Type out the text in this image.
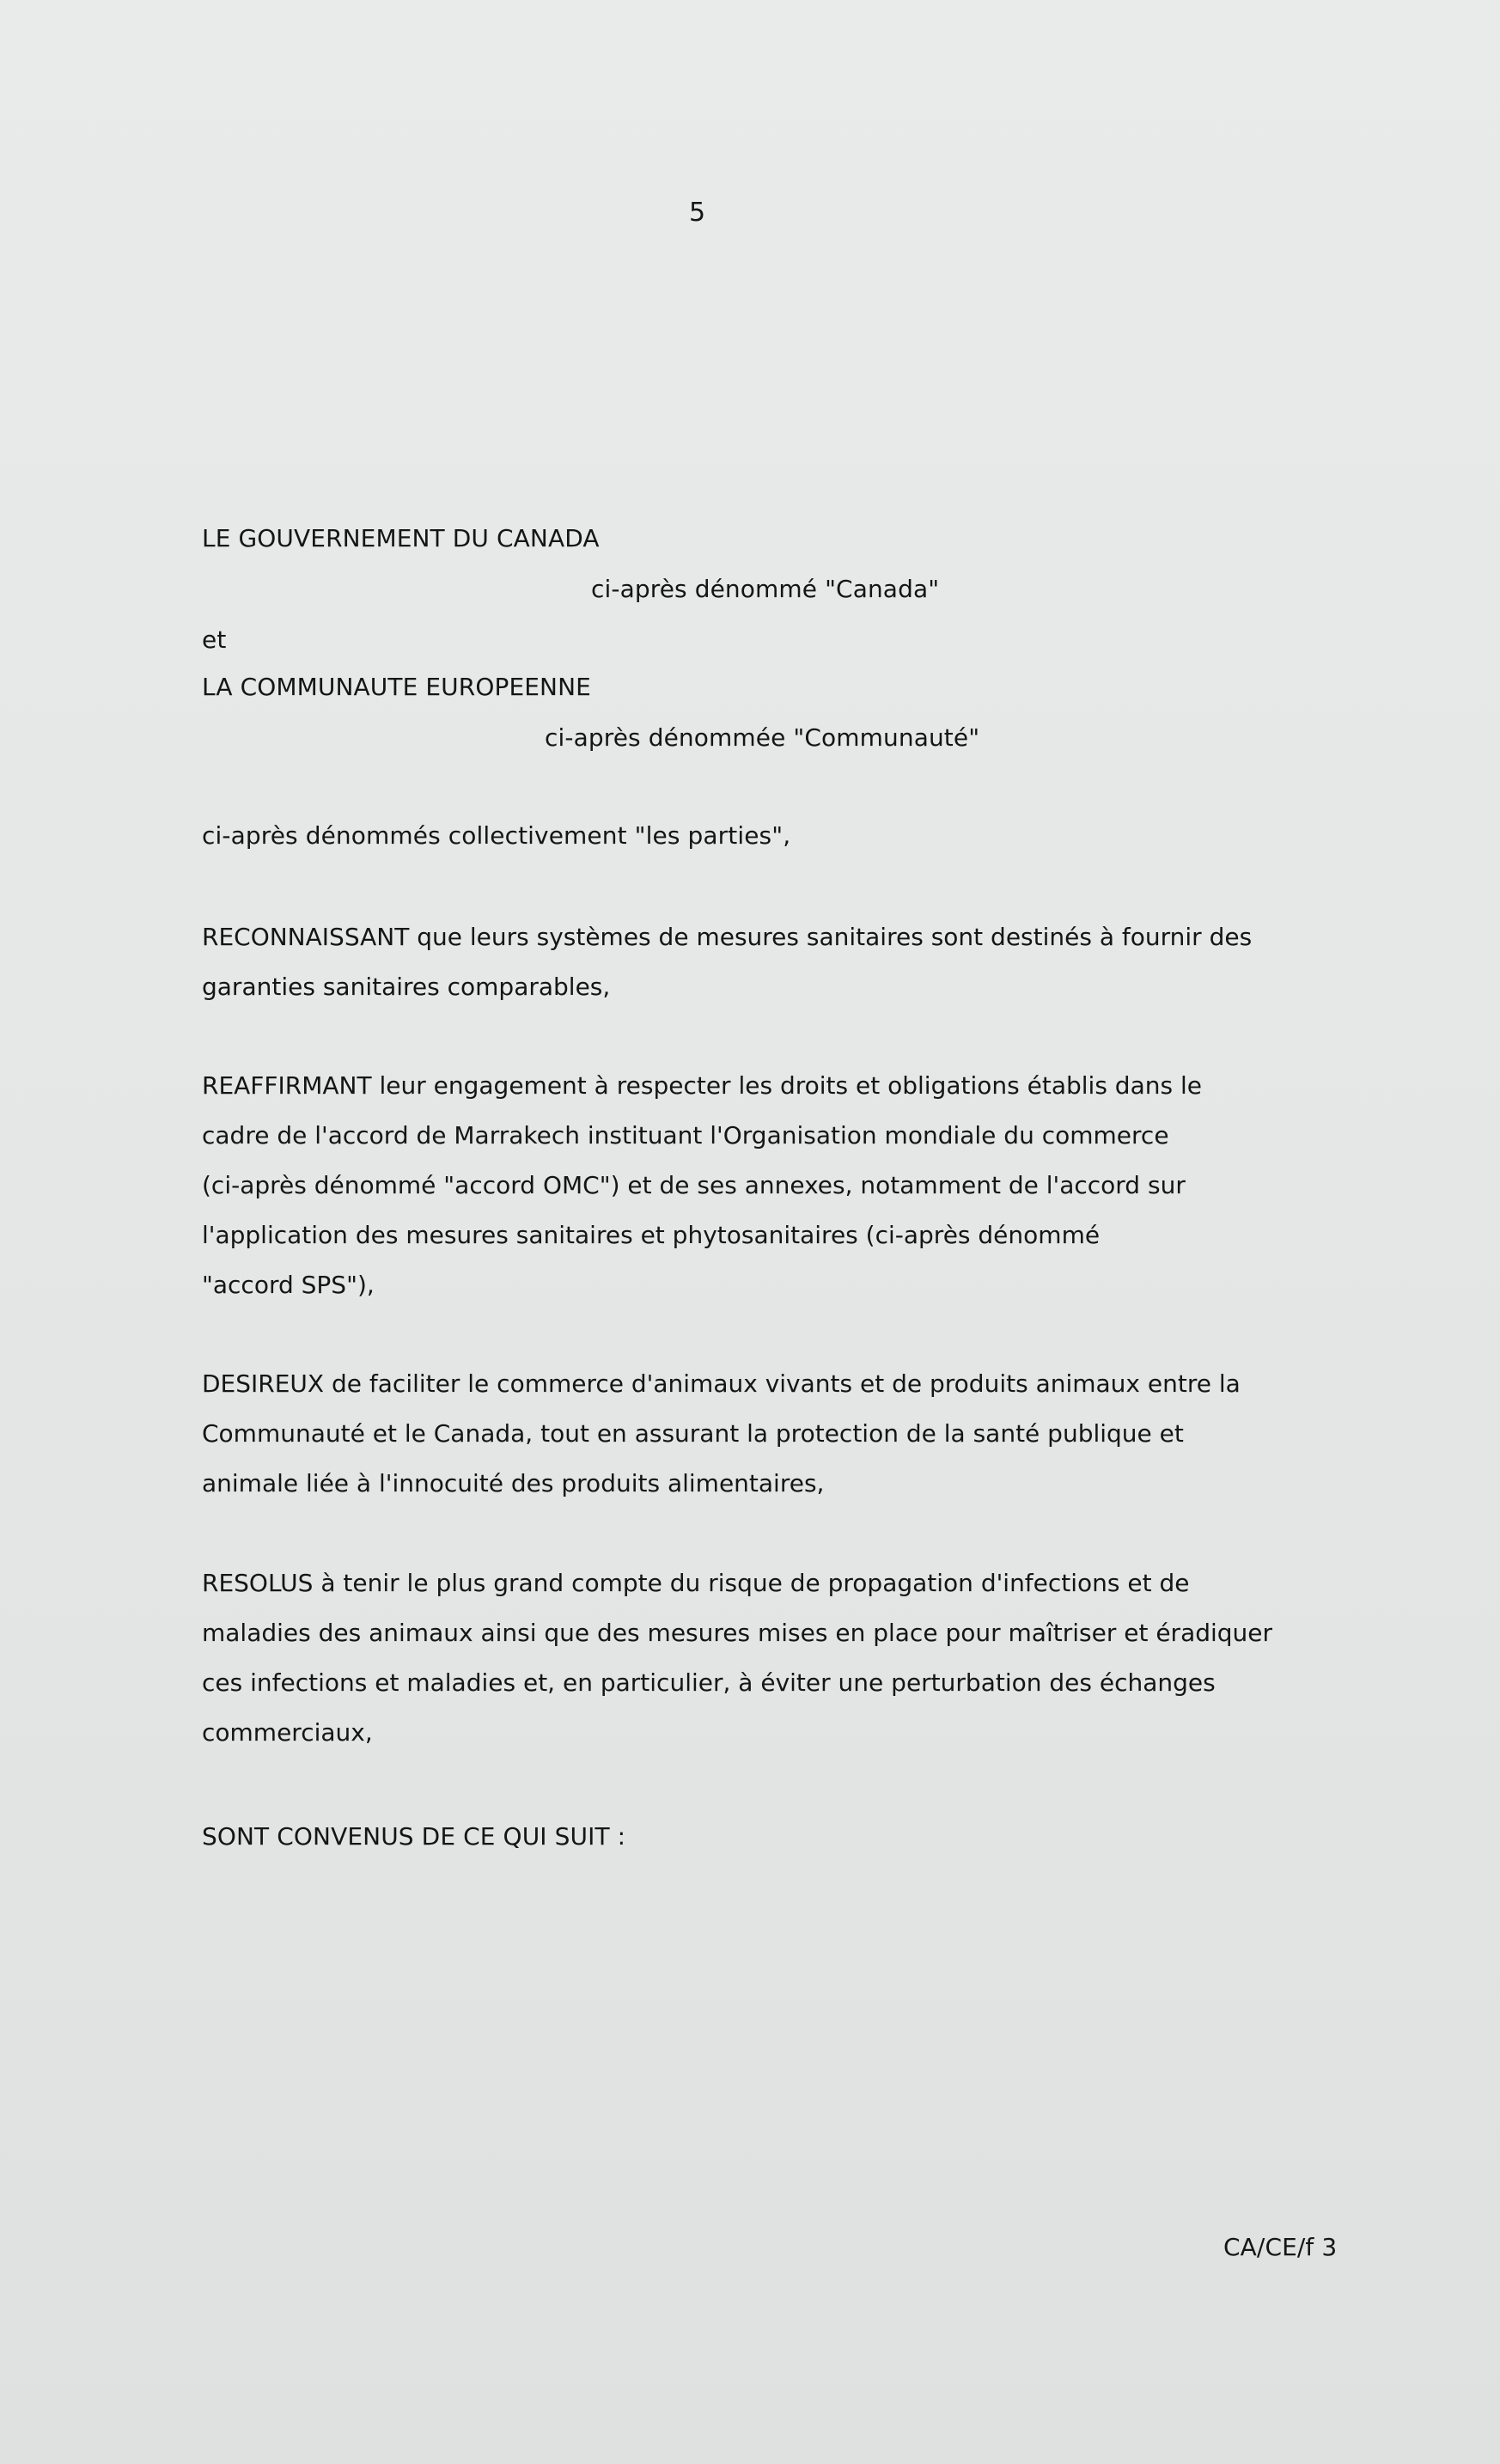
5
LE GOUVERNEMENT DU CANADA
ci-après dénommé "Canada"
et
LA COMMUNAUTE EUROPEENNE
ci-après dénommée "Communauté"
ci-après dénommés collectivement "les parties",
RECONNAISSANT que leurs systèmes de mesures sanitaires sont destinés à fournir des
garanties sanitaires comparables,
REAFFIRMANT leur engagement à respecter les droits et obligations établis dans le
cadre de l'accord de Marrakech instituant l'Organisation mondiale du commerce
(ci-après dénommé "accord OMC") et de ses annexes, notamment de l'accord sur
l'application des mesures sanitaires et phytosanitaires (ci-après dénommé
"accord SPS"),
DESIREUX de faciliter le commerce d'animaux vivants et de produits animaux entre la
Communauté et le Canada, tout en assurant la protection de la santé publique et
animale liée à l'innocuité des produits alimentaires,
RESOLUS à tenir le plus grand compte du risque de propagation d'infections et de
maladies des animaux ainsi que des mesures mises en place pour maîtriser et éradiquer
ces infections et maladies et, en particulier, à éviter une perturbation des échanges
commerciaux,
SONT CONVENUS DE CE QUI SUIT :
CA/CE/f 3
